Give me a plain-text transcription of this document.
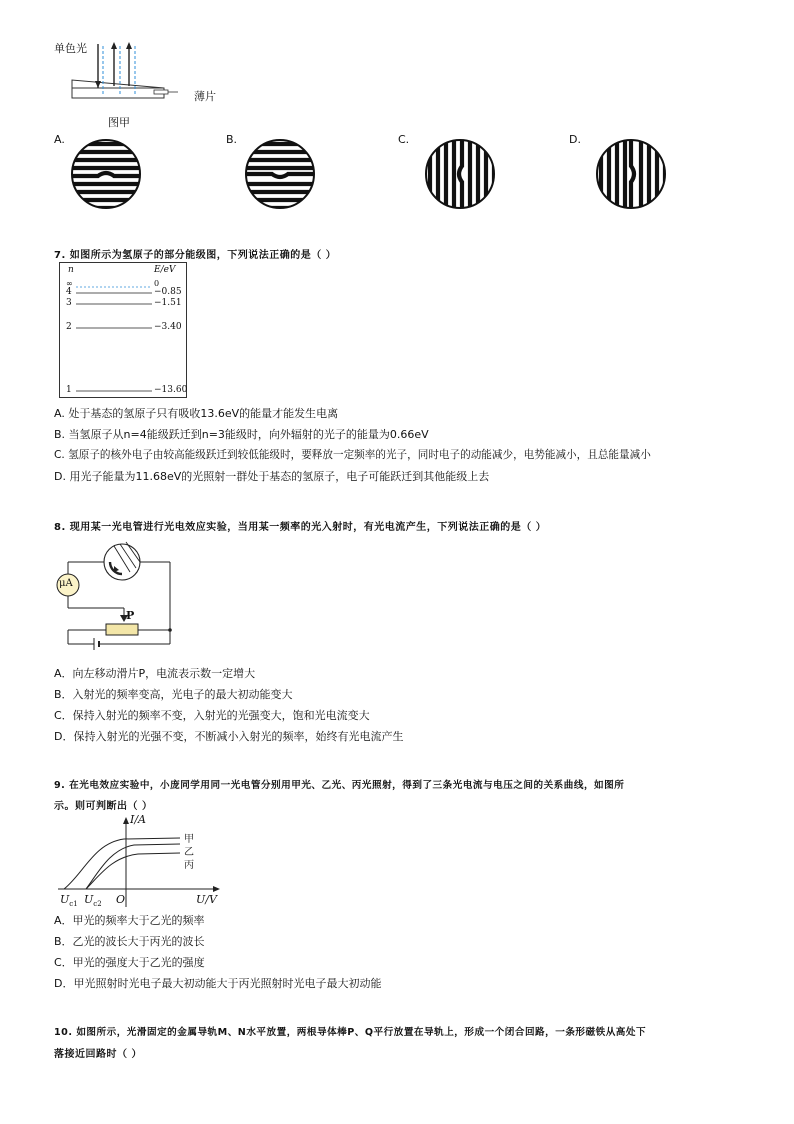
单色光
薄片
图甲
A.	B.	C.	D.
7. 如图所示为氢原子的部分能级图，下列说法正确的是（ ）
n	E/eV
∞	0
4	−0.85
3	−1.51
2	−3.40
1	−13.60
A. 处于基态的氢原子只有吸收13.6eV的能量才能发生电离
B. 当氢原子从n=4能级跃迁到n=3能级时，向外辐射的光子的能量为0.66eV
C. 氢原子的核外电子由较高能级跃迁到较低能级时，要释放一定频率的光子，同时电子的动能减少，电势能减小，且总能量减小
D. 用光子能量为11.68eV的光照射一群处于基态的氢原子，电子可能跃迁到其他能级上去
8. 现用某一光电管进行光电效应实验，当用某一频率的光入射时，有光电流产生，下列说法正确的是（ ）
μA
P
A．向左移动滑片P，电流表示数一定增大
B．入射光的频率变高，光电子的最大初动能变大
C．保持入射光的频率不变，入射光的光强变大，饱和光电流变大
D．保持入射光的光强不变，不断减小入射光的频率，始终有光电流产生
9. 在光电效应实验中，小庞同学用同一光电管分别用甲光、乙光、丙光照射，得到了三条光电流与电压之间的关系曲线，如图所
示。则可判断出（ ）
I/A
U/V
O
$U_{c1}$ $U_{c2}$
甲
乙
丙
A．甲光的频率大于乙光的频率
B．乙光的波长大于丙光的波长
C．甲光的强度大于乙光的强度
D．甲光照射时光电子最大初动能大于丙光照射时光电子最大初动能
10. 如图所示，光滑固定的金属导轨M、N水平放置，两根导体棒P、Q平行放置在导轨上，形成一个闭合回路，一条形磁铁从高处下
落接近回路时（ ）
